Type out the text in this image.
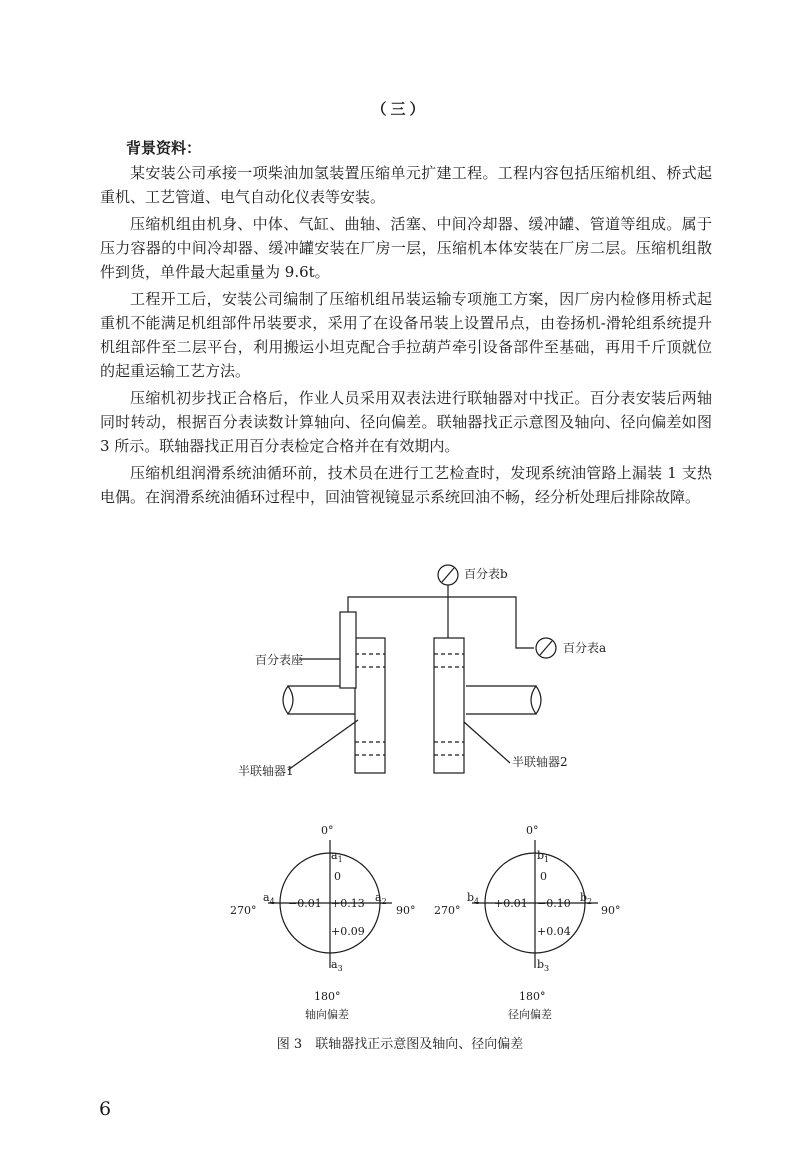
（三）
背景资料：

某安装公司承接一项柴油加氢装置压缩单元扩建工程。工程内容包括压缩机组、桥式起重机、工艺管道、电气自动化仪表等安装。

压缩机组由机身、中体、气缸、曲轴、活塞、中间冷却器、缓冲罐、管道等组成。属于压力容器的中间冷却器、缓冲罐安装在厂房一层，压缩机本体安装在厂房二层。压缩机组散件到货，单件最大起重量为 9.6t。

工程开工后，安装公司编制了压缩机组吊装运输专项施工方案，因厂房内检修用桥式起重机不能满足机组部件吊装要求，采用了在设备吊装上设置吊点，由卷扬机-滑轮组系统提升机组部件至二层平台，利用搬运小坦克配合手拉葫芦牵引设备部件至基础，再用千斤顶就位的起重运输工艺方法。

压缩机初步找正合格后，作业人员采用双表法进行联轴器对中找正。百分表安装后两轴同时转动，根据百分表读数计算轴向、径向偏差。联轴器找正示意图及轴向、径向偏差如图 3 所示。联轴器找正用百分表检定合格并在有效期内。

压缩机组润滑系统油循环前，技术员在进行工艺检查时，发现系统油管路上漏装 1 支热电偶。在润滑系统油循环过程中，回油管视镜显示系统回油不畅，经分析处理后排除故障。

百分表b
百分表a
百分表座
半联轴器1
半联轴器2
0°
180°
270°	90°
$a_1$
$a_2$
$a_3$
$a_4$
0
−0.01 +0.13
+0.09
轴向偏差
0°
180°
270°	90°
$b_1$
$b_2$
$b_3$
$b_4$
0
+0.01 −0.10
+0.04
径向偏差
图 3　联轴器找正示意图及轴向、径向偏差
6
